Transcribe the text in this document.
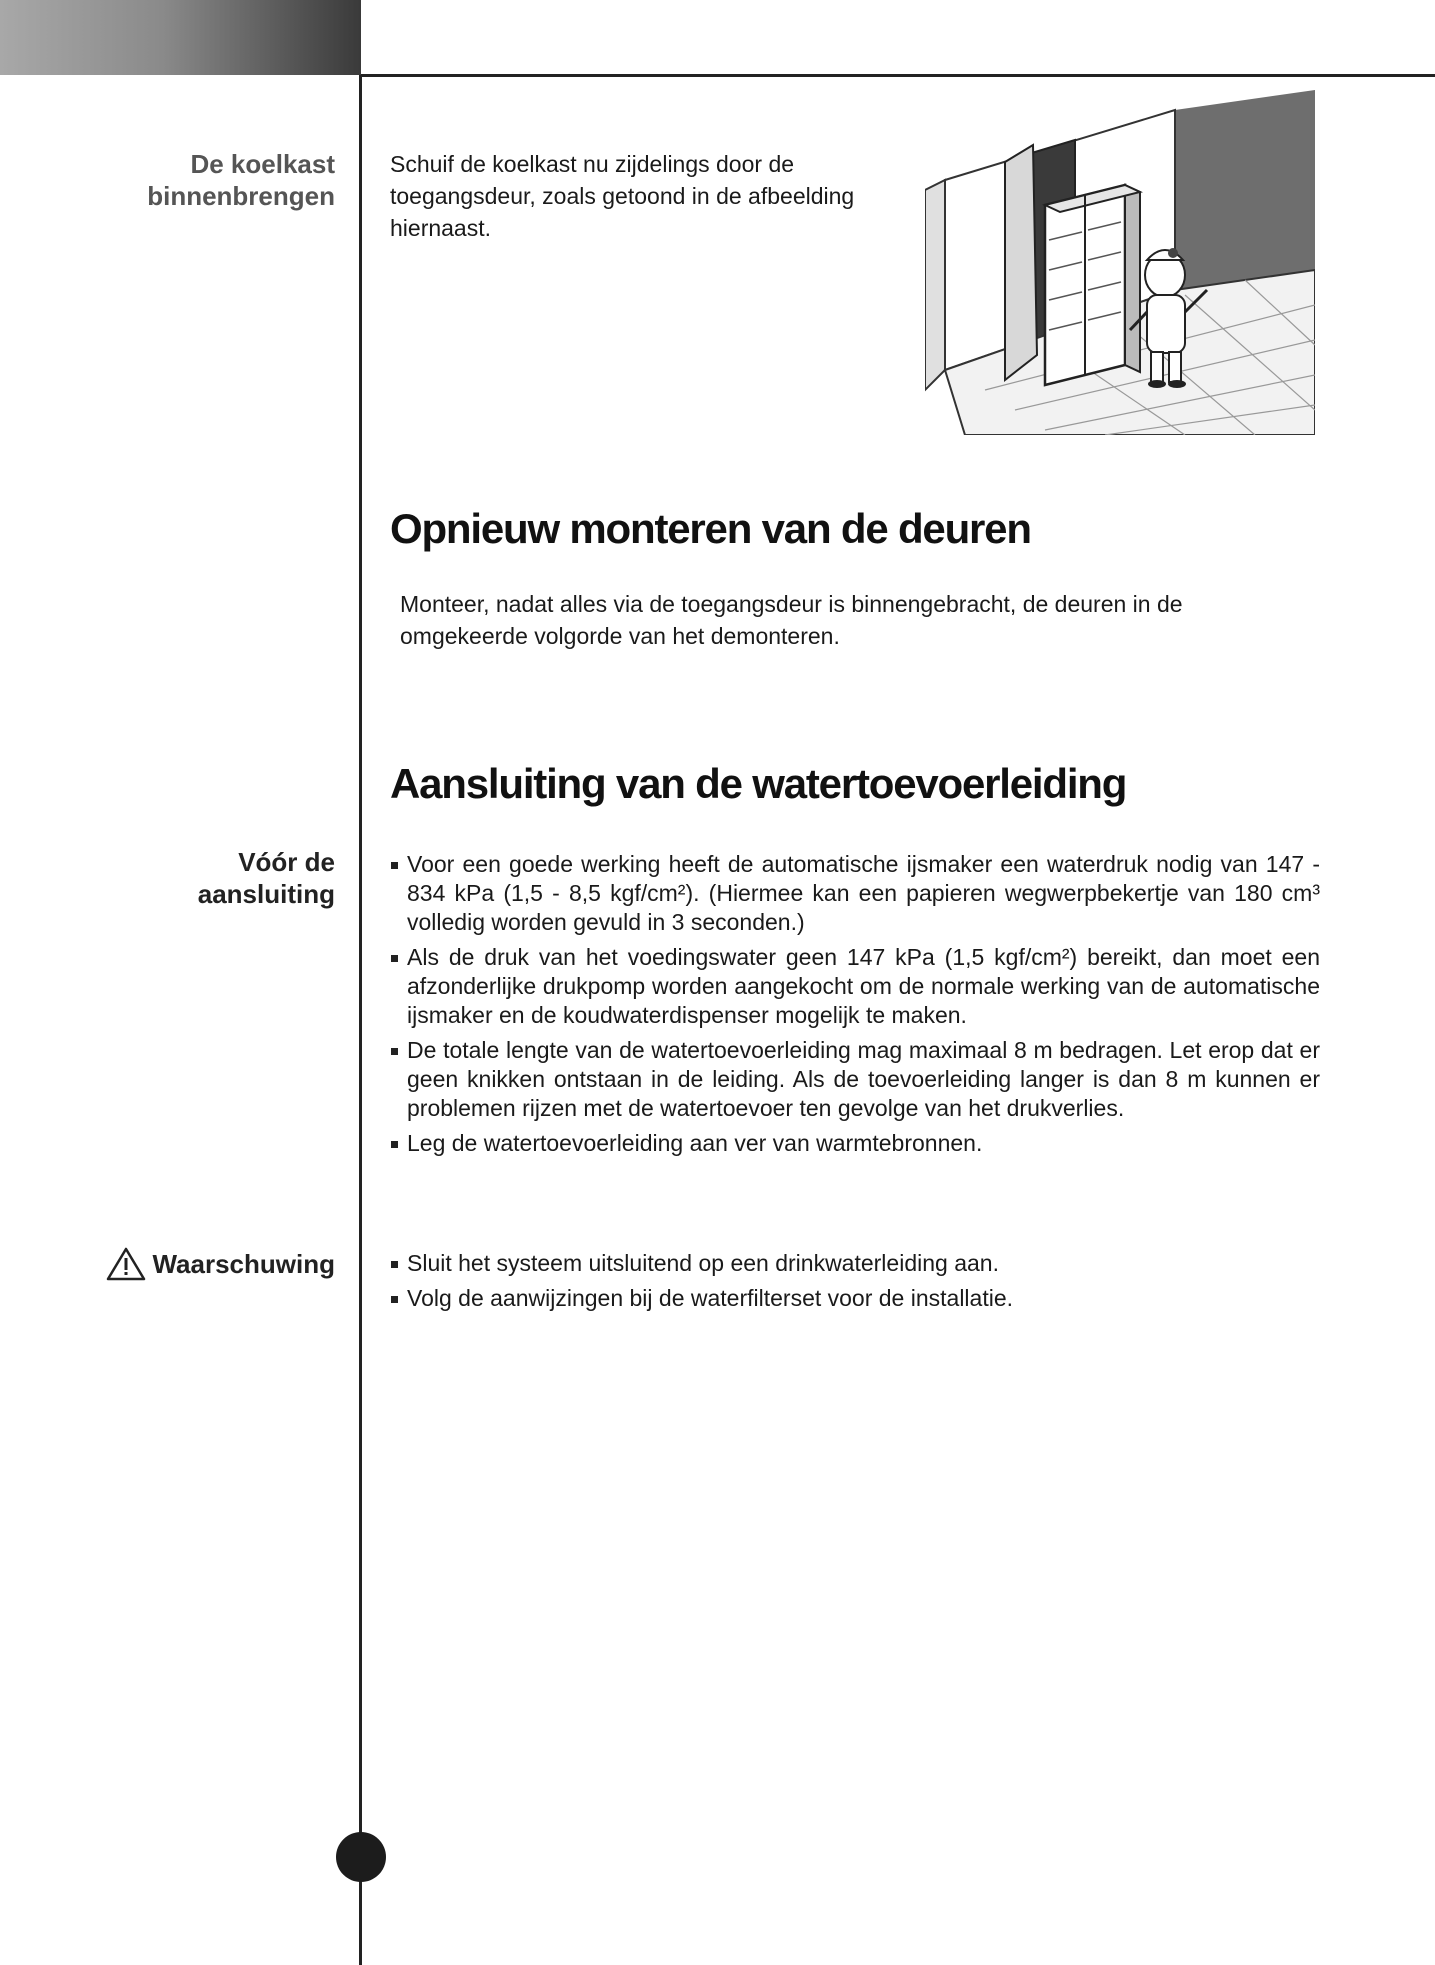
De koelkast
binnenbrengen
Schuif de koelkast nu zijdelings door de
toegangsdeur, zoals getoond in de afbeelding
hiernaast.
Opnieuw monteren van de deuren
Monteer, nadat alles via de toegangsdeur is binnengebracht, de deuren in de
omgekeerde volgorde van het demonteren.
Aansluiting van de watertoevoerleiding
Vóór de
aansluiting
Voor een goede werking heeft de automatische ijsmaker een waterdruk nodig van 147 - 834 kPa (1,5 - 8,5 kgf/cm²). (Hiermee kan een papieren wegwerpbekertje van 180 cm³ volledig worden gevuld in 3 seconden.)
Als de druk van het voedingswater geen 147 kPa (1,5 kgf/cm²) bereikt, dan moet een afzonderlijke drukpomp worden aangekocht om de normale werking van de automatische ijsmaker en de koudwaterdispenser mogelijk te maken.
De totale lengte van de watertoevoerleiding mag maximaal 8 m bedragen. Let erop dat er geen knikken ontstaan in de leiding. Als de toevoerleiding langer is dan 8 m kunnen er problemen rijzen met de watertoevoer ten gevolge van het drukverlies.
Leg de watertoevoerleiding aan ver van warmtebronnen.
Waarschuwing	Sluit het systeem uitsluitend op een drinkwaterleiding aan.
Volg de aanwijzingen bij de waterfilterset voor de installatie.
